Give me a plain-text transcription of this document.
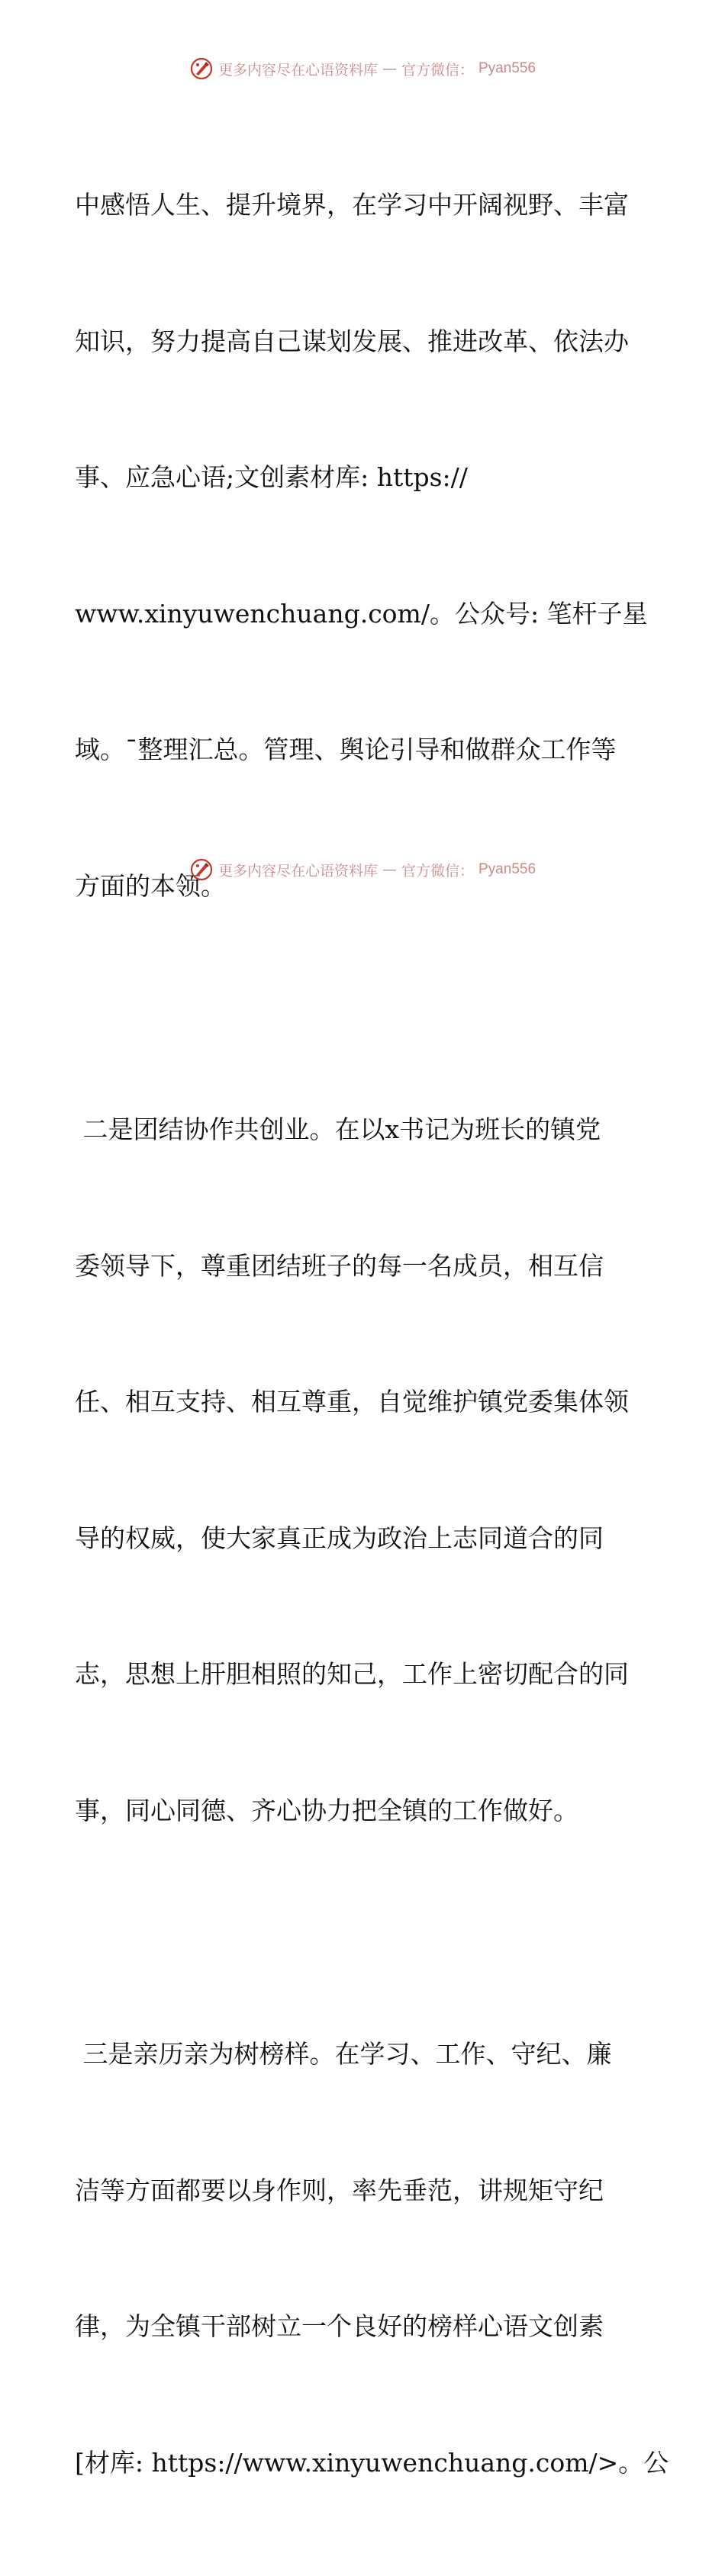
更多内容尽在心语资料库 — 官方微信： Pyan556

中感悟人生、提升境界，在学习中开阔视野、丰富

知识，努力提高自己谋划发展、推进改革、依法办

事、应急心语;文创素材库: https://

www.xinyuwenchuang.com/。公众号: 笔杆子星

域。¯整理汇总。管理、舆论引导和做群众工作等

方面的本领。

二是团结协作共创业。在以x书记为班长的镇党

委领导下，尊重团结班子的每一名成员，相互信

任、相互支持、相互尊重，自觉维护镇党委集体领

导的权威，使大家真正成为政治上志同道合的同

志，思想上肝胆相照的知己，工作上密切配合的同

事，同心同德、齐心协力把全镇的工作做好。

三是亲历亲为树榜样。在学习、工作、守纪、廉

洁等方面都要以身作则，率先垂范，讲规矩守纪

律，为全镇干部树立一个良好的榜样心语文创素

[材库: https://www.xinyuwenchuang.com/>。公

更多内容尽在心语资料库 — 官方微信： Pyan556
